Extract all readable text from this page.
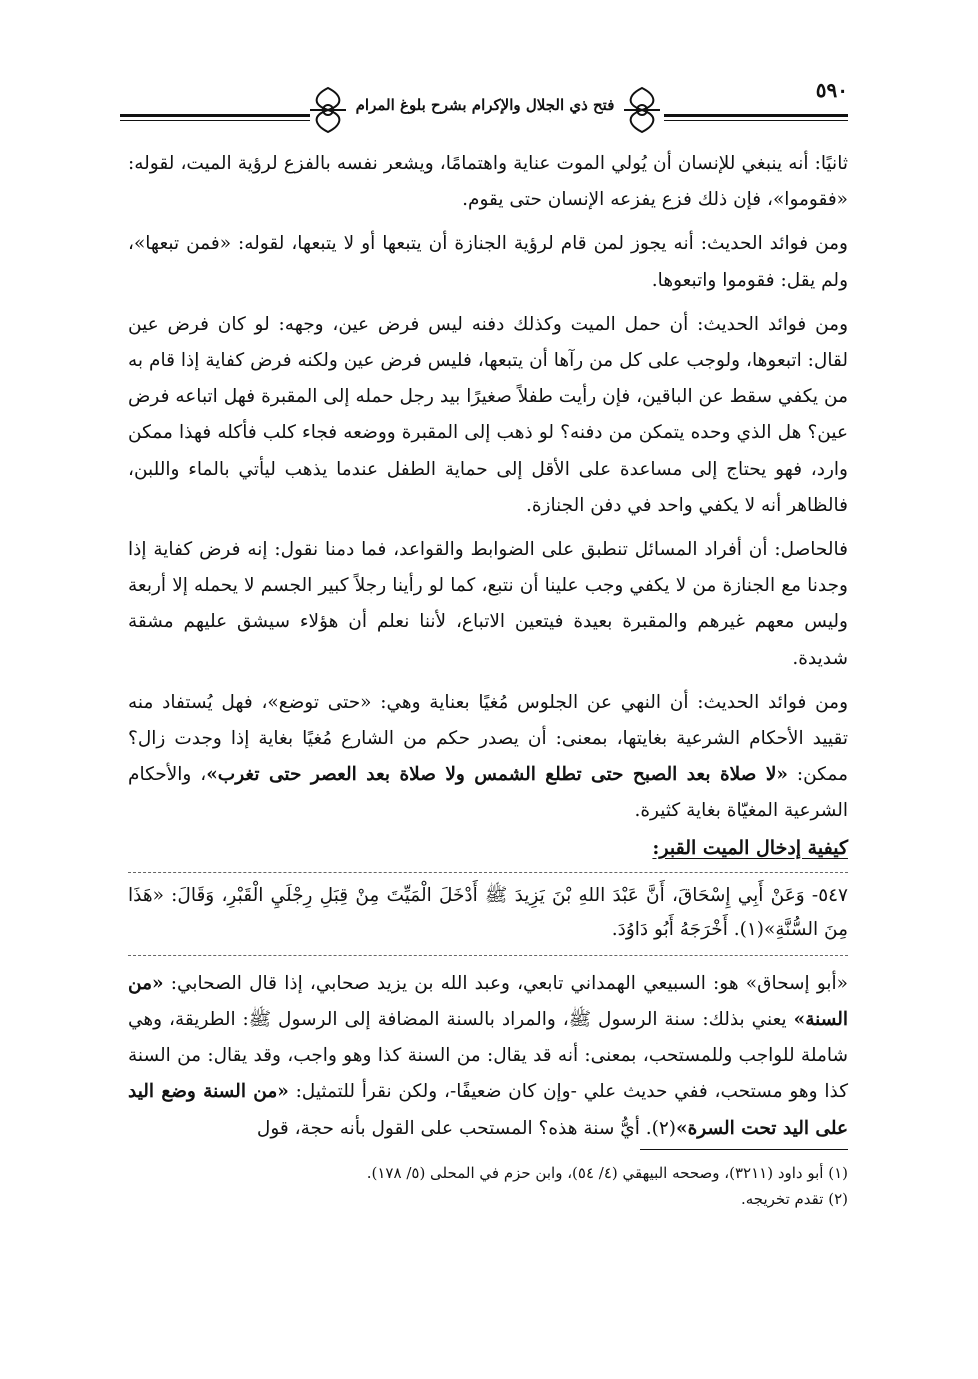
٥٩٠
فتح ذي الجلال والإكرام بشرح بلوغ المرام

ثانيًا: أنه ينبغي للإنسان أن يُولي الموت عناية واهتمامًا، ويشعر نفسه بالفزع لرؤية الميت، لقوله: «فقوموا»، فإن ذلك فزع يفزعه الإنسان حتى يقوم.

ومن فوائد الحديث: أنه يجوز لمن قام لرؤية الجنازة أن يتبعها أو لا يتبعها، لقوله: «فمن تبعها»، ولم يقل: فقوموا واتبعوها.

ومن فوائد الحديث: أن حمل الميت وكذلك دفنه ليس فرض عين، وجهه: لو كان فرض عين لقال: اتبعوها، ولوجب على كل من رآها أن يتبعها، فليس فرض عين ولكنه فرض كفاية إذا قام به من يكفي سقط عن الباقين، فإن رأيت طفلاً صغيرًا بيد رجل حمله إلى المقبرة فهل اتباعه فرض عين؟ هل الذي وحده يتمكن من دفنه؟ لو ذهب إلى المقبرة ووضعه فجاء كلب فأكله فهذا ممكن وارد، فهو يحتاج إلى مساعدة على الأقل إلى حماية الطفل عندما يذهب ليأتي بالماء واللبن، فالظاهر أنه لا يكفي واحد في دفن الجنازة.

فالحاصل: أن أفراد المسائل تنطبق على الضوابط والقواعد، فما دمنا نقول: إنه فرض كفاية إذا وجدنا مع الجنازة من لا يكفي وجب علينا أن نتبع، كما لو رأينا رجلاً كبير الجسم لا يحمله إلا أربعة وليس معهم غيرهم والمقبرة بعيدة فيتعين الاتباع، لأننا نعلم أن هؤلاء سيشق عليهم مشقة شديدة.

ومن فوائد الحديث: أن النهي عن الجلوس مُغيًا بعناية وهي: «حتى توضع»، فهل يُستفاد منه تقييد الأحكام الشرعية بغايتها، بمعنى: أن يصدر حكم من الشارع مُغيًا بغاية إذا وجدت زال؟ ممكن: «لا صلاة بعد الصبح حتى تطلع الشمس ولا صلاة بعد العصر حتى تغرب»، والأحكام الشرعية المغيّاة بغاية كثيرة.

كيفية إدخال الميت القبر:
٥٤٧- وَعَنْ أَبِي إِسْحَاقَ، أَنَّ عَبْدَ اللهِ بْنَ يَزِيدَ ﷺ أَدْخَلَ الْمَيِّتَ مِنْ قِبَلِ رِجْلَيِ الْقَبْرِ، وَقَالَ: «هَذَا مِنَ السُّنَّةِ»(١). أَخْرَجَهُ أَبُو دَاوُدَ.

«أبو إسحاق» هو: السبيعي الهمداني تابعي، وعبد الله بن يزيد صحابي، إذا قال الصحابي: «من السنة» يعني بذلك: سنة الرسول ﷺ، والمراد بالسنة المضافة إلى الرسول ﷺ: الطريقة، وهي شاملة للواجب وللمستحب، بمعنى: أنه قد يقال: من السنة كذا وهو واجب، وقد يقال: من السنة كذا وهو مستحب، ففي حديث علي -وإن كان ضعيفًا-، ولكن نقرأ للتمثيل: «من السنة وضع اليد على اليد تحت السرة»(٢). أيُّ سنة هذه؟ المستحب على القول بأنه حجة، قول

(١) أبو داود (٣٢١١)، وصححه البيهقي (٤/ ٥٤)، وابن حزم في المحلى (٥/ ١٧٨).
(٢) تقدم تخريجه.
